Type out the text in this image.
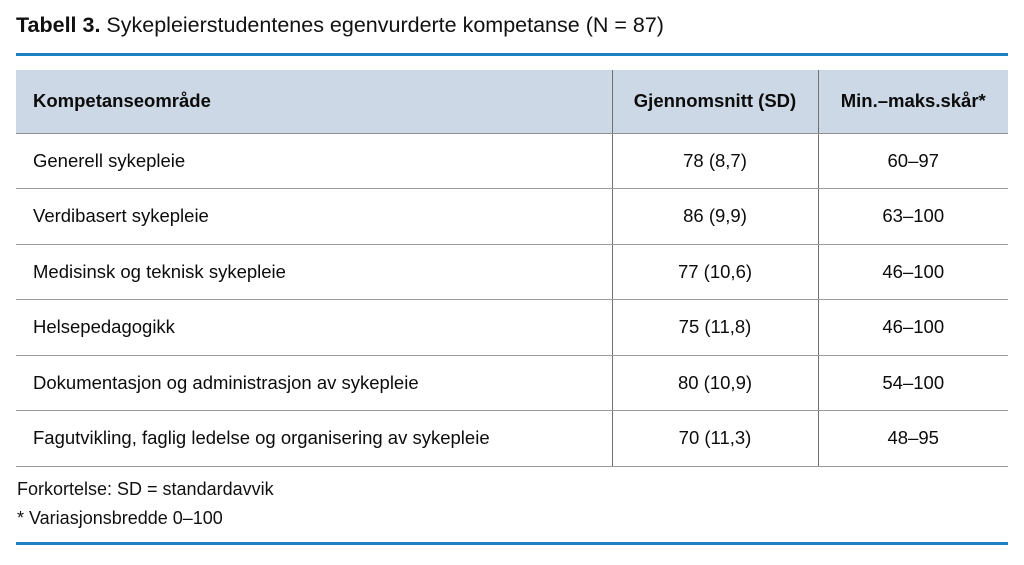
Tabell 3. Sykepleierstudentenes egenvurderte kompetanse (N = 87)
Kompetanseområde	Gjennomsnitt (SD)	Min.–maks.skår*
Generell sykepleie	78 (8,7)	60–97
Verdibasert sykepleie	86 (9,9)	63–100
Medisinsk og teknisk sykepleie	77 (10,6)	46–100
Helsepedagogikk	75 (11,8)	46–100
Dokumentasjon og administrasjon av sykepleie	80 (10,9)	54–100
Fagutvikling, faglig ledelse og organisering av sykepleie	70 (11,3)	48–95
Forkortelse: SD = standardavvik
* Variasjonsbredde 0–100
